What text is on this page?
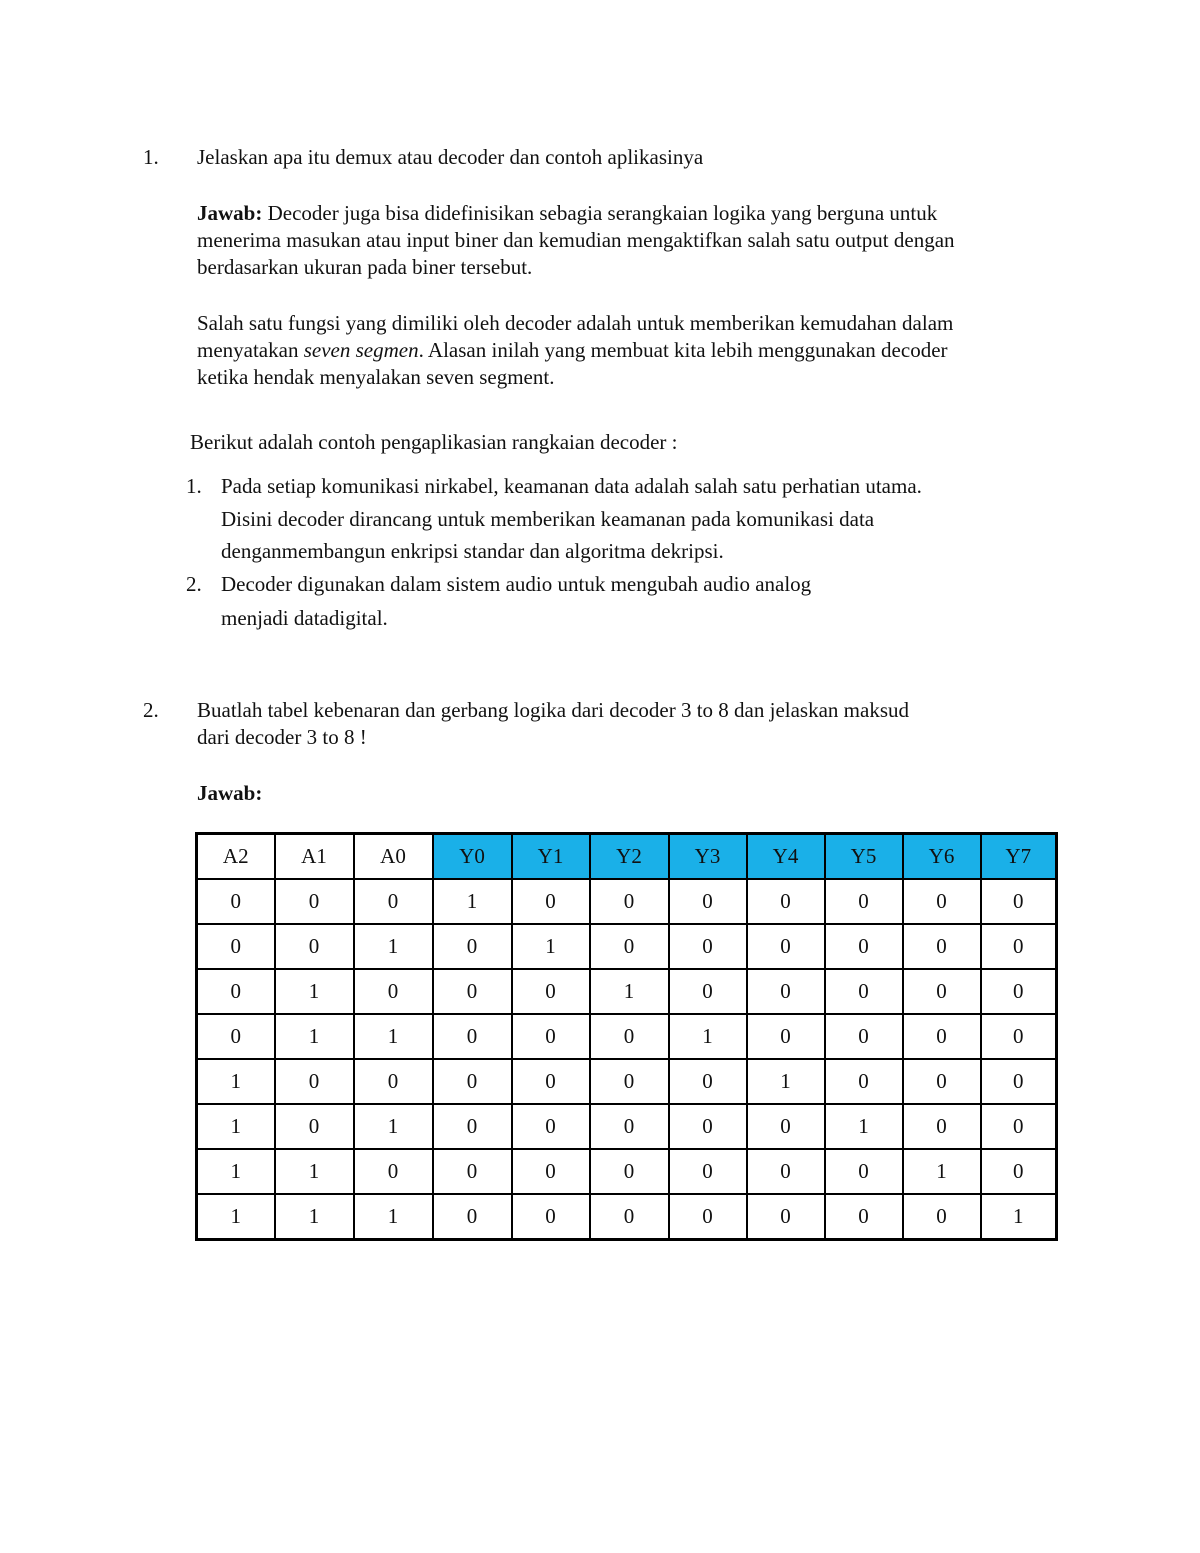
1. Jelaskan apa itu demux atau decoder dan contoh aplikasinya
Jawab: Decoder juga bisa didefinisikan sebagia serangkaian logika yang berguna untuk
menerima masukan atau input biner dan kemudian mengaktifkan salah satu output dengan
berdasarkan ukuran pada biner tersebut.
Salah satu fungsi yang dimiliki oleh decoder adalah untuk memberikan kemudahan dalam
menyatakan seven segmen. Alasan inilah yang membuat kita lebih menggunakan decoder
ketika hendak menyalakan seven segment.
Berikut adalah contoh pengaplikasian rangkaian decoder :
1. Pada setiap komunikasi nirkabel, keamanan data adalah salah satu perhatian utama.
Disini decoder dirancang untuk memberikan keamanan pada komunikasi data
denganmembangun enkripsi standar dan algoritma dekripsi.
2. Decoder digunakan dalam sistem audio untuk mengubah audio analog
menjadi datadigital.
2. Buatlah tabel kebenaran dan gerbang logika dari decoder 3 to 8 dan jelaskan maksud
dari decoder 3 to 8 !
Jawab:
A2	A1	A0	Y0	Y1	Y2	Y3	Y4	Y5	Y6	Y7
0	0	0	1	0	0	0	0	0	0	0
0	0	1	0	1	0	0	0	0	0	0
0	1	0	0	0	1	0	0	0	0	0
0	1	1	0	0	0	1	0	0	0	0
1	0	0	0	0	0	0	1	0	0	0
1	0	1	0	0	0	0	0	1	0	0
1	1	0	0	0	0	0	0	0	1	0
1	1	1	0	0	0	0	0	0	0	1
